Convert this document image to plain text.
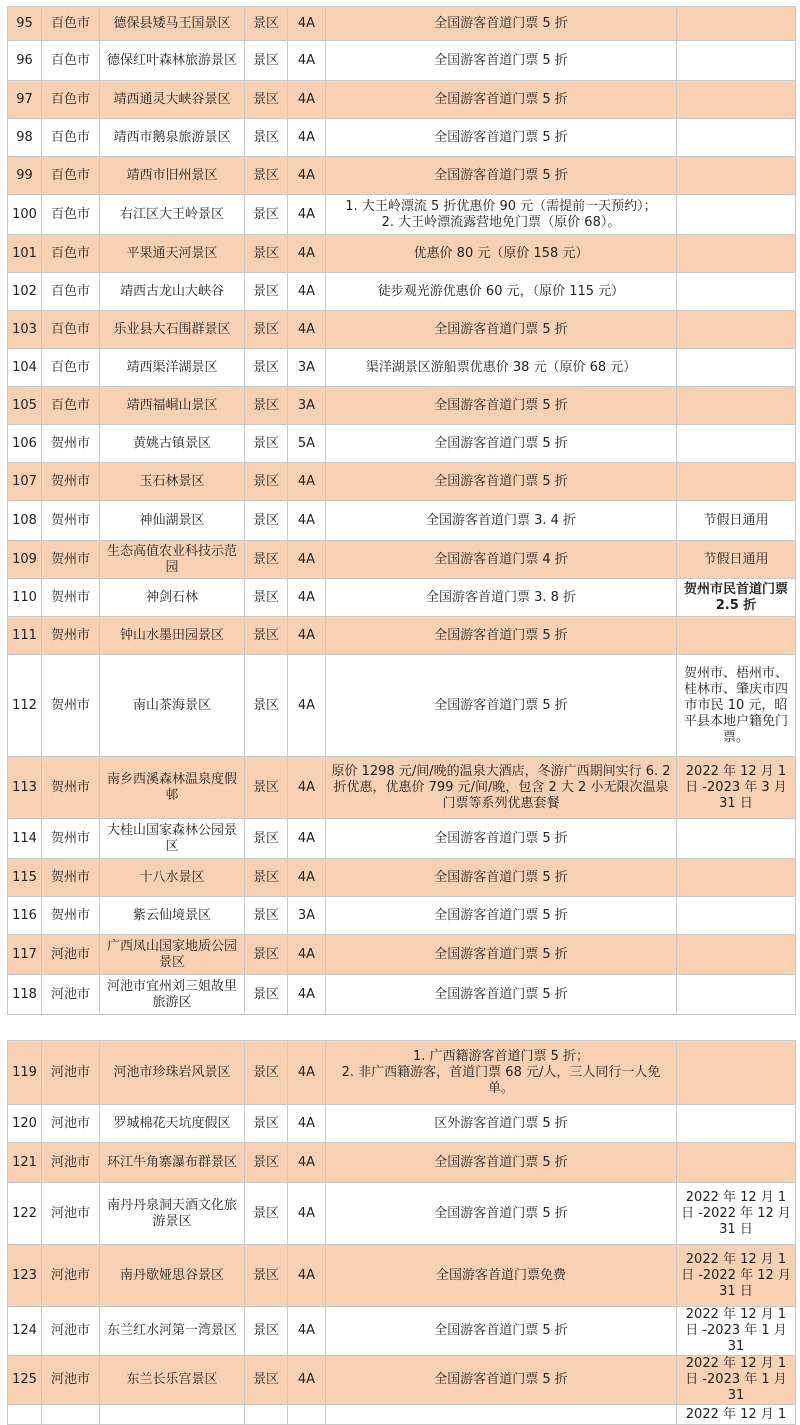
95	百色市	德保县矮马王国景区	景区	4A	全国游客首道门票 5 折	
96	百色市	德保红叶森林旅游景区	景区	4A	全国游客首道门票 5 折	
97	百色市	靖西通灵大峡谷景区	景区	4A	全国游客首道门票 5 折	
98	百色市	靖西市鹅泉旅游景区	景区	4A	全国游客首道门票 5 折	
99	百色市	靖西市旧州景区	景区	4A	全国游客首道门票 5 折	
100	百色市	右江区大王岭景区	景区	4A	1. 大王岭漂流 5 折优惠价 90 元（需提前一天预约）；
2. 大王岭漂流露营地免门票（原价 68）。	
101	百色市	平果通天河景区	景区	4A	优惠价 80 元（原价 158 元）	
102	百色市	靖西古龙山大峡谷	景区	4A	徒步观光游优惠价 60 元，（原价 115 元）	
103	百色市	乐业县大石围群景区	景区	4A	全国游客首道门票 5 折	
104	百色市	靖西渠洋湖景区	景区	3A	渠洋湖景区游船票优惠价 38 元（原价 68 元）	
105	百色市	靖西福峒山景区	景区	3A	全国游客首道门票 5 折	
106	贺州市	黄姚古镇景区	景区	5A	全国游客首道门票 5 折	
107	贺州市	玉石林景区	景区	4A	全国游客首道门票 5 折	
108	贺州市	神仙湖景区	景区	4A	全国游客首道门票 3. 4 折	节假日通用
109	贺州市	生态高值农业科技示范园	景区	4A	全国游客首道门票 4 折	节假日通用
110	贺州市	神剑石林	景区	4A	全国游客首道门票 3. 8 折	贺州市民首道门票 2.5 折
111	贺州市	钟山水墨田园景区	景区	4A	全国游客首道门票 5 折	
112	贺州市	南山茶海景区	景区	4A	全国游客首道门票 5 折	贺州市、梧州市、桂林市、肇庆市四市市民 10 元，昭平县本地户籍免门票。
113	贺州市	南乡西溪森林温泉度假邨	景区	4A	原价 1298 元/间/晚的温泉大酒店，冬游广西期间实行 6. 2 折优惠，优惠价 799 元/间/晚，包含 2 大 2 小无限次温泉门票等系列优惠套餐	2022 年 12 月 1 日 -2023 年 3 月 31 日
114	贺州市	大桂山国家森林公园景区	景区	4A	全国游客首道门票 5 折	
115	贺州市	十八水景区	景区	4A	全国游客首道门票 5 折	
116	贺州市	紫云仙境景区	景区	3A	全国游客首道门票 5 折	
117	河池市	广西凤山国家地质公园景区	景区	4A	全国游客首道门票 5 折	
118	河池市	河池市宜州刘三姐故里旅游区	景区	4A	全国游客首道门票 5 折	
119	河池市	河池市珍珠岩风景区	景区	4A	1. 广西籍游客首道门票 5 折；
2. 非广西籍游客，首道门票 68 元/人，三人同行一人免单。	
120	河池市	罗城棉花天坑度假区	景区	4A	区外游客首道门票 5 折	
121	河池市	环江牛角寨瀑布群景区	景区	4A	全国游客首道门票 5 折	
122	河池市	南丹丹泉洞天酒文化旅游景区	景区	4A	全国游客首道门票 5 折	2022 年 12 月 1 日 -2022 年 12 月 31 日
123	河池市	南丹歇娅思谷景区	景区	4A	全国游客首道门票免费	2022 年 12 月 1 日 -2022 年 12 月 31 日
124	河池市	东兰红水河第一湾景区	景区	4A	全国游客首道门票 5 折	2022 年 12 月 1 日 -2023 年 1 月 31
125	河池市	东兰长乐宫景区	景区	4A	全国游客首道门票 5 折	2022 年 12 月 1 日 -2023 年 1 月 31
						2022 年 12 月 1
